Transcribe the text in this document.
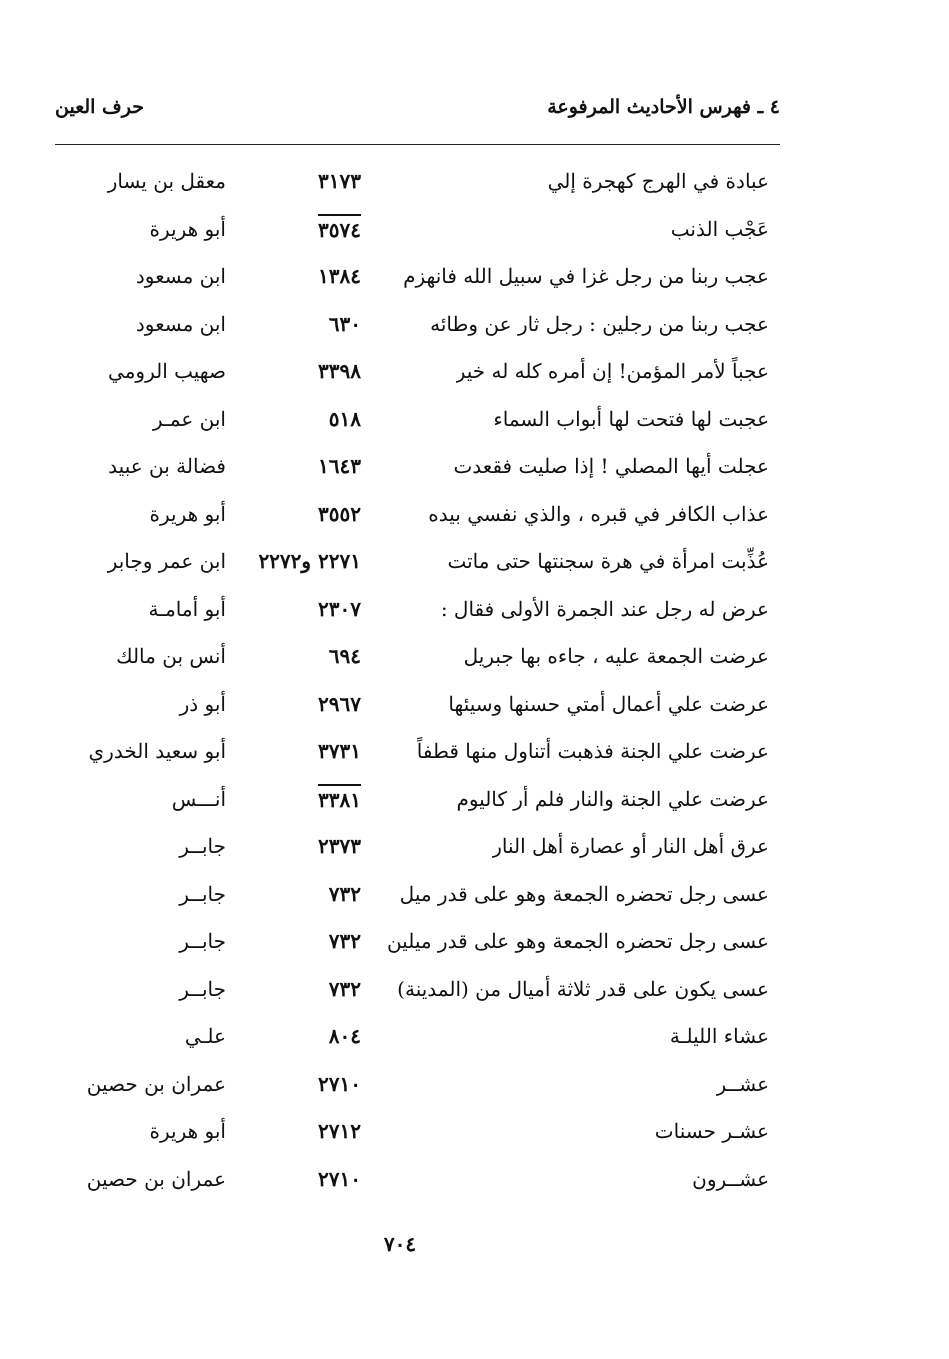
٤ ـ فهرس الأحاديث المرفوعة
حرف العين
عبادة في الهرج كهجرة إلي
٣١٧٣
معقل بن يسار
عَجْب الذنب
٣٥٧٤
أبو هريرة
عجب ربنا من رجل غزا في سبيل الله فانهزم
١٣٨٤
ابن مسعود
عجب ربنا من رجلين : رجل ثار عن وطائه
٦٣٠
ابن مسعود
عجباً لأمر المؤمن! إن أمره كله له خير
٣٣٩٨
صهيب الرومي
عجبت لها فتحت لها أبواب السماء
٥١٨
ابن عمـر
عجلت أيها المصلي ! إذا صليت فقعدت
١٦٤٣
فضالة بن عبيد
عذاب الكافر في قبره ، والذي نفسي بيده
٣٥٥٢
أبو هريرة
عُذِّبت امرأة في هرة سجنتها حتى ماتت
٢٢٧١ و٢٢٧٢
ابن عمر وجابر
عرض له رجل عند الجمرة الأولى فقال :
٢٣٠٧
أبو أمامـة
عرضت الجمعة عليه ، جاءه بها جبريل
٦٩٤
أنس بن مالك
عرضت علي أعمال أمتي حسنها وسيئها
٢٩٦٧
أبو ذر
عرضت علي الجنة فذهبت أتناول منها قطفاً
٣٧٣١
أبو سعيد الخدري
عرضت علي الجنة والنار فلم أر كاليوم
٣٣٨١
أنـــس
عرق أهل النار أو عصارة أهل النار
٢٣٧٣
جابــر
عسى رجل تحضره الجمعة وهو على قدر ميل
٧٣٢
جابــر
عسى رجل تحضره الجمعة وهو على قدر ميلين
٧٣٢
جابــر
عسى يكون على قدر ثلاثة أميال من (المدينة)
٧٣٢
جابــر
عشاء الليلـة
٨٠٤
علـي
عشــر
٢٧١٠
عمران بن حصين
عشـر حسنات
٢٧١٢
أبو هريرة
عشــرون
٢٧١٠
عمران بن حصين
٧٠٤
